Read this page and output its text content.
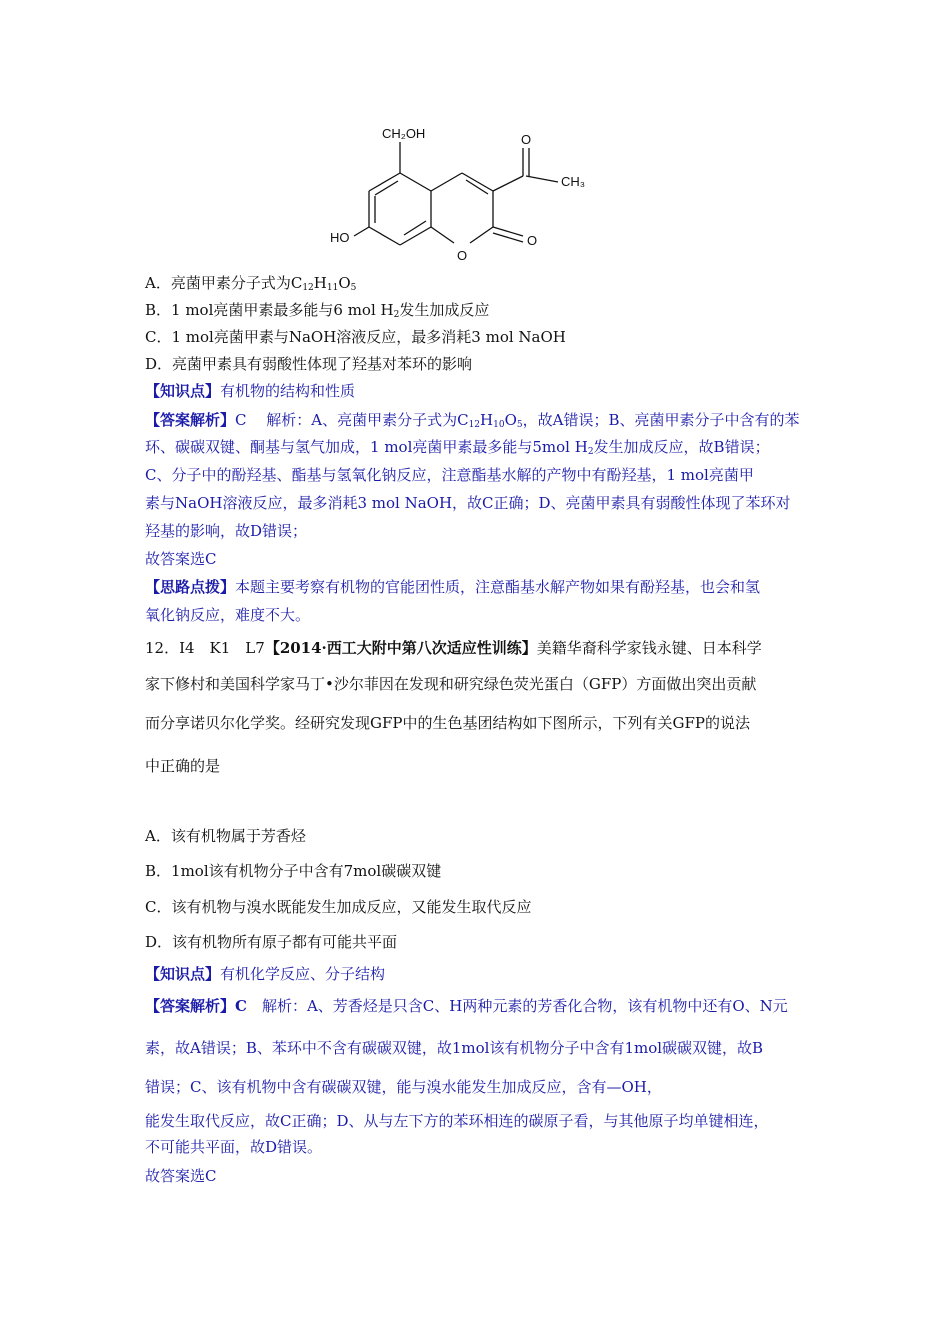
CH₂OH	O
CH₃
HO	O
O
A．亮菌甲素分子式为$C_{12}H_{11}O_5$
B．1 mol亮菌甲素最多能与6 mol $H_2$发生加成反应
C．1 mol亮菌甲素与NaOH溶液反应，最多消耗3 mol NaOH
D．亮菌甲素具有弱酸性体现了羟基对苯环的影响
【知识点】有机物的结构和性质
【答案解析】C 　解析：A、亮菌甲素分子式为$C_{12}H_{10}O_5$，故A错误；B、亮菌甲素分子中含有的苯
环、碳碳双键、酮基与氢气加成，1 mol亮菌甲素最多能与5mol $H_2$发生加成反应，故B错误；
C、分子中的酚羟基、酯基与氢氧化钠反应，注意酯基水解的产物中有酚羟基，1 mol亮菌甲
素与NaOH溶液反应，最多消耗3 mol NaOH，故C正确；D、亮菌甲素具有弱酸性体现了苯环对
羟基的影响，故D错误；
故答案选C
【思路点拨】本题主要考察有机物的官能团性质，注意酯基水解产物如果有酚羟基，也会和氢
氧化钠反应，难度不大。
12．I4　K1　L7【2014·西工大附中第八次适应性训练】美籍华裔科学家钱永键、日本科学
家下修村和美国科学家马丁•沙尔菲因在发现和研究绿色荧光蛋白（GFP）方面做出突出贡献
而分享诺贝尔化学奖。经研究发现GFP中的生色基团结构如下图所示，下列有关GFP的说法
中正确的是
A．该有机物属于芳香烃
B．1mol该有机物分子中含有7mol碳碳双键
C．该有机物与溴水既能发生加成反应，又能发生取代反应
D．该有机物所有原子都有可能共平面
【知识点】有机化学反应、分子结构
【答案解析】C　解析：A、芳香烃是只含C、H两种元素的芳香化合物，该有机物中还有O、N元
素，故A错误；B、苯环中不含有碳碳双键，故1mol该有机物分子中含有1mol碳碳双键，故B
错误；C、该有机物中含有碳碳双键，能与溴水能发生加成反应，含有—OH，
能发生取代反应，故C正确；D、从与左下方的苯环相连的碳原子看，与其他原子均单键相连，
不可能共平面，故D错误。
故答案选C
